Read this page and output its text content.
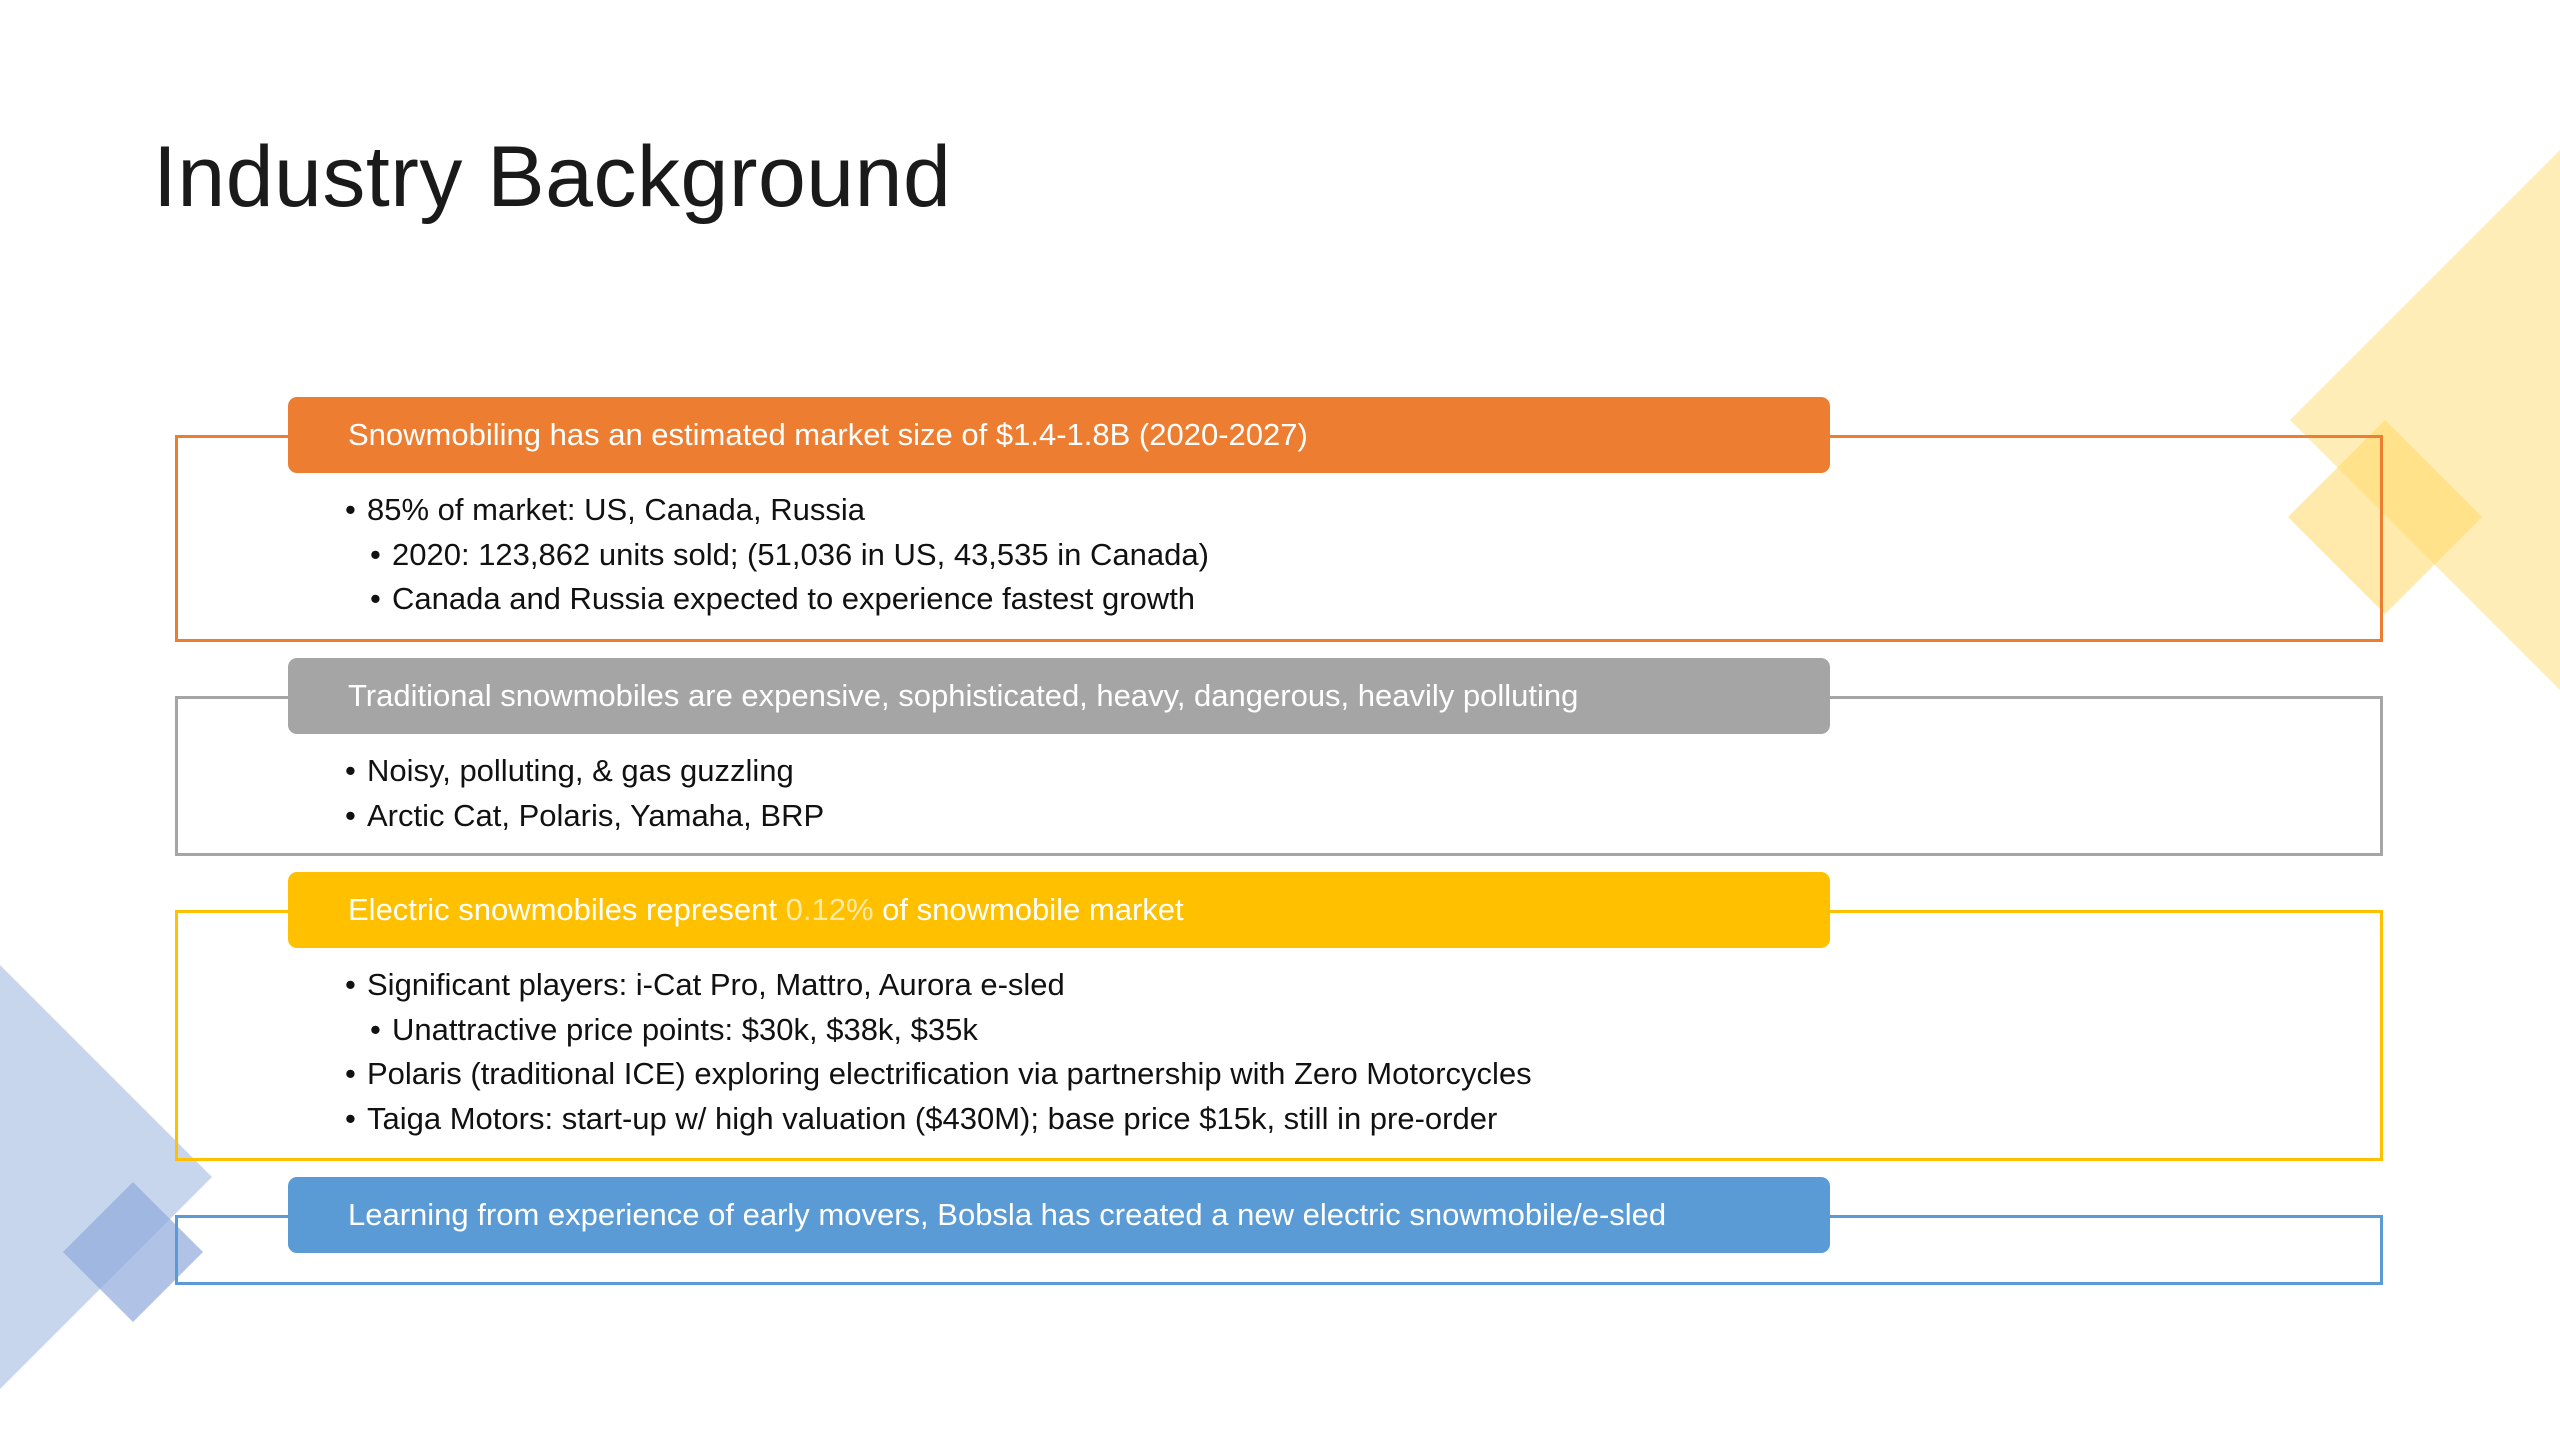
Industry Background
Snowmobiling has an estimated market size of $1.4-1.8B (2020-2027)
• 85% of market: US, Canada, Russia
• 2020: 123,862 units sold; (51,036 in US, 43,535 in Canada)
• Canada and Russia expected to experience fastest growth
Traditional snowmobiles are expensive, sophisticated, heavy, dangerous, heavily polluting
• Noisy, polluting, & gas guzzling
• Arctic Cat, Polaris, Yamaha, BRP
Electric snowmobiles represent 0.12% of snowmobile market
• Significant players: i-Cat Pro, Mattro, Aurora e-sled
• Unattractive price points: $30k, $38k, $35k
• Polaris (traditional ICE) exploring electrification via partnership with Zero Motorcycles
• Taiga Motors: start-up w/ high valuation ($430M); base price $15k, still in pre-order
Learning from experience of early movers, Bobsla has created a new electric snowmobile/e-sled
